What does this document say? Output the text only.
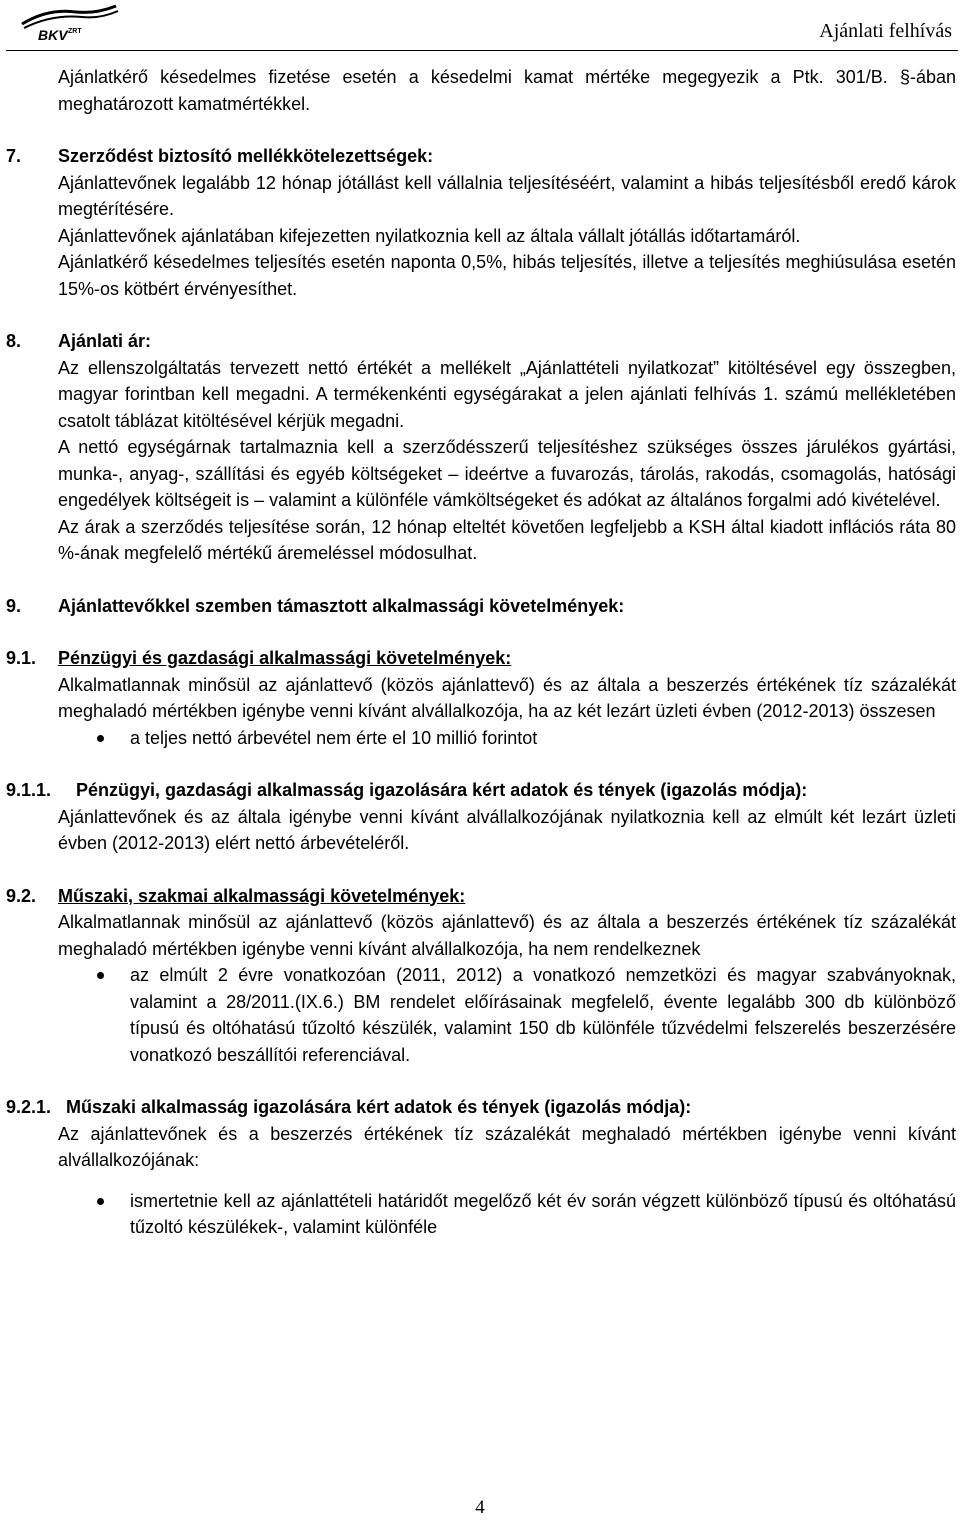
BKV ZRT	Ajánlati felhívás

Ajánlatkérő késedelmes fizetése esetén a késedelmi kamat mértéke megegyezik a Ptk. 301/B. §-ában meghatározott kamatmértékkel.

7. Szerződést biztosító mellékkötelezettségek:

Ajánlattevőnek legalább 12 hónap jótállást kell vállalnia teljesítéséért, valamint a hibás teljesítésből eredő károk megtérítésére.

Ajánlattevőnek ajánlatában kifejezetten nyilatkoznia kell az általa vállalt jótállás időtartamáról.

Ajánlatkérő késedelmes teljesítés esetén naponta 0,5%, hibás teljesítés, illetve a teljesítés meghiúsulása esetén 15%-os kötbért érvényesíthet.

8. Ajánlati ár:

Az ellenszolgáltatás tervezett nettó értékét a mellékelt „Ajánlattételi nyilatkozat” kitöltésével egy összegben, magyar forintban kell megadni. A termékenkénti egységárakat a jelen ajánlati felhívás 1. számú mellékletében csatolt táblázat kitöltésével kérjük megadni.

A nettó egységárnak tartalmaznia kell a szerződésszerű teljesítéshez szükséges összes járulékos gyártási, munka-, anyag-, szállítási és egyéb költségeket – ideértve a fuvarozás, tárolás, rakodás, csomagolás, hatósági engedélyek költségeit is – valamint a különféle vámköltségeket és adókat az általános forgalmi adó kivételével.

Az árak a szerződés teljesítése során, 12 hónap elteltét követően legfeljebb a KSH által kiadott inflációs ráta 80 %-ának megfelelő mértékű áremeléssel módosulhat.

9. Ajánlattevőkkel szemben támasztott alkalmassági követelmények:

9.1. Pénzügyi és gazdasági alkalmassági követelmények:

Alkalmatlannak minősül az ajánlattevő (közös ajánlattevő) és az általa a beszerzés értékének tíz százalékát meghaladó mértékben igénybe venni kívánt alvállalkozója, ha az két lezárt üzleti évben (2012-2013) összesen

a teljes nettó árbevétel nem érte el 10 millió forintot
9.1.1.	Pénzügyi, gazdasági alkalmasság igazolására kért adatok és tények (igazolás módja):

Ajánlattevőnek és az általa igénybe venni kívánt alvállalkozójának nyilatkoznia kell az elmúlt két lezárt üzleti évben (2012-2013) elért nettó árbevételéről.

9.2. Műszaki, szakmai alkalmassági követelmények:

Alkalmatlannak minősül az ajánlattevő (közös ajánlattevő) és az általa a beszerzés értékének tíz százalékát meghaladó mértékben igénybe venni kívánt alvállalkozója, ha nem rendelkeznek

az elmúlt 2 évre vonatkozóan (2011, 2012) a vonatkozó nemzetközi és magyar szabványoknak, valamint a 28/2011.(IX.6.) BM rendelet előírásainak megfelelő, évente legalább 300 db különböző típusú és oltóhatású tűzoltó készülék, valamint 150 db különféle tűzvédelmi felszerelés beszerzésére vonatkozó beszállítói referenciával.
9.2.1. Műszaki alkalmasság igazolására kért adatok és tények (igazolás módja):

Az ajánlattevőnek és a beszerzés értékének tíz százalékát meghaladó mértékben igénybe venni kívánt alvállalkozójának:

ismertetnie kell az ajánlattételi határidőt megelőző két év során végzett különböző típusú és oltóhatású tűzoltó készülékek-, valamint különféle
4
